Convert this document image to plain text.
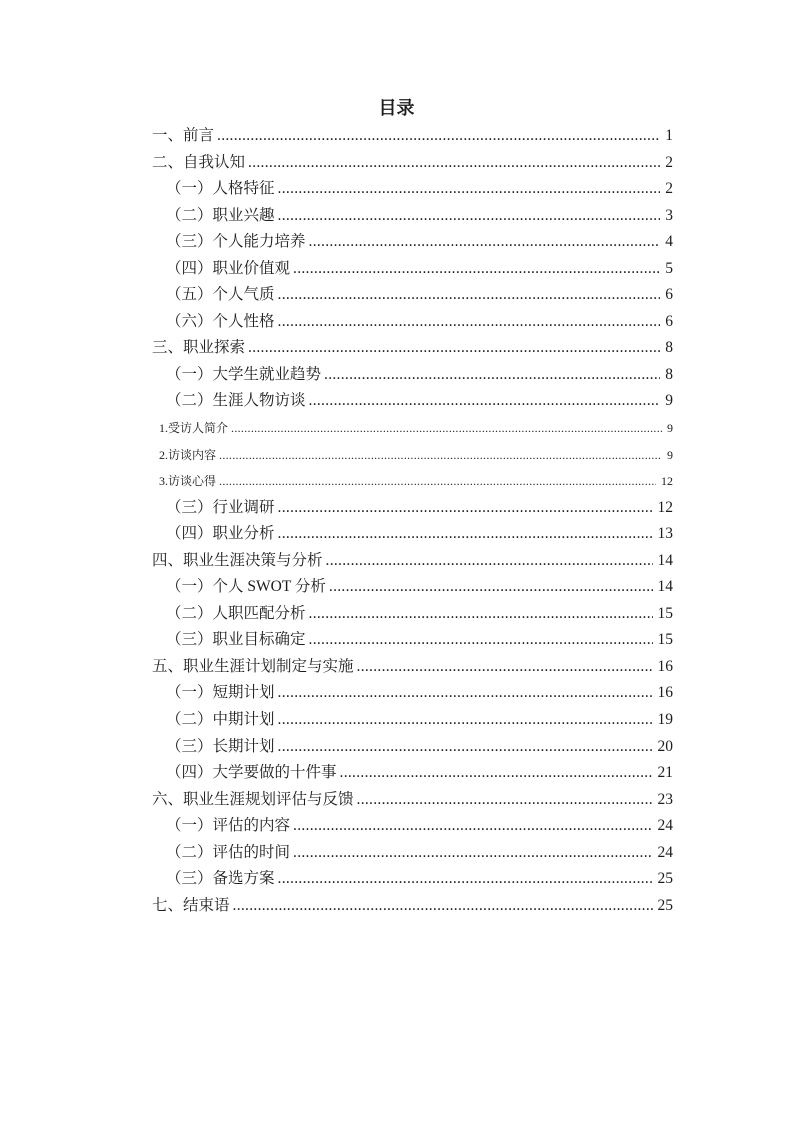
目录
一、前言 .....	1
二、自我认知 .....	2
（一）人格特征 .....	2
（二）职业兴趣 .....	3
（三）个人能力培养 .....	4
（四）职业价值观 .....	5
（五）个人气质 .....	6
（六）个人性格 .....	6
三、职业探索 .....	8
（一）大学生就业趋势 .....	8
（二）生涯人物访谈 .....	9
1.受访人简介 .....	9
2.访谈内容 .....	9
3.访谈心得 .....	12
（三）行业调研 .....	12
（四）职业分析 .....	13
四、职业生涯决策与分析 .....	14
（一）个人 SWOT 分析 .....	14
（二）人职匹配分析 .....	15
（三）职业目标确定 .....	15
五、职业生涯计划制定与实施 .....	16
（一）短期计划 .....	16
（二）中期计划 .....	19
（三）长期计划 .....	20
（四）大学要做的十件事 .....	21
六、职业生涯规划评估与反馈 .....	23
（一）评估的内容 .....	24
（二）评估的时间 .....	24
（三）备选方案 .....	25
七、结束语 .....	25
